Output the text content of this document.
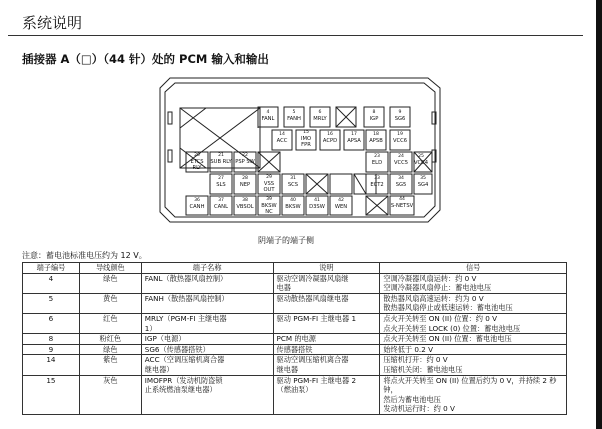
系统说明
插接器 A（□）（44 针）处的 PCM 输入和输出
4
FANL
5
FANH
6
MRLY
8
IGP
9
SG6
14
ACC
15
IMO FPR
16
ACPD
17
APSA
18
APSB
19
VCC6
20
ETCS RLY
21
SUB RLY
22
PSP SW
23
ELD
24
VCC5
25
VCC4
27
SLS
28
NEP
29
VSS OUT
31
SCS
33
ECT2
34
SG5
35
SG4
36
CANH
37
CANL
38
VBSOL
39
BKSW NC
40
BKSW
41
D3SW
42
WEN
44
S-NETSV
阴端子的端子侧
注意：蓄电池标准电压约为 12 V。
端子编号	导线颜色	端子名称	说明	信号

4	绿色	FANL（散热器风扇控制）	驱动空调冷凝器风扇继
电器	空调冷凝器风扇运转：约 0 V
空调冷凝器风扇停止：蓄电池电压

5	黄色	FANH（散热器风扇控制）	驱动散热器风扇继电器	散热器风扇高速运转：约为 0 V
散热器风扇停止或低速运转：蓄电池电压

6	红色	MRLY（PGM-FI 主继电器
1）	驱动 PGM-FI 主继电器 1	点火开关转至 ON (II) 位置：约 0 V
点火开关转至 LOCK (0) 位置：蓄电池电压

8	粉红色	IGP（电源）	PCM 的电源	点火开关转至 ON (II) 位置：蓄电池电压

9	绿色	SG6（传感器搭铁）	传感器搭铁	始终低于 0.2 V

14	紫色	ACC（空调压缩机离合器
继电器）	驱动空调压缩机离合器
继电器	压缩机打开：约 0 V
压缩机关闭：蓄电池电压

15	灰色	IMOFPR（发动机防盗锁
止系统燃油泵继电器）	驱动 PGM-FI 主继电器 2
（燃油泵）	将点火开关转至 ON (II) 位置后约为 0 V，并持续 2 秒钟，
然后为蓄电池电压
发动机运行时：约 0 V
